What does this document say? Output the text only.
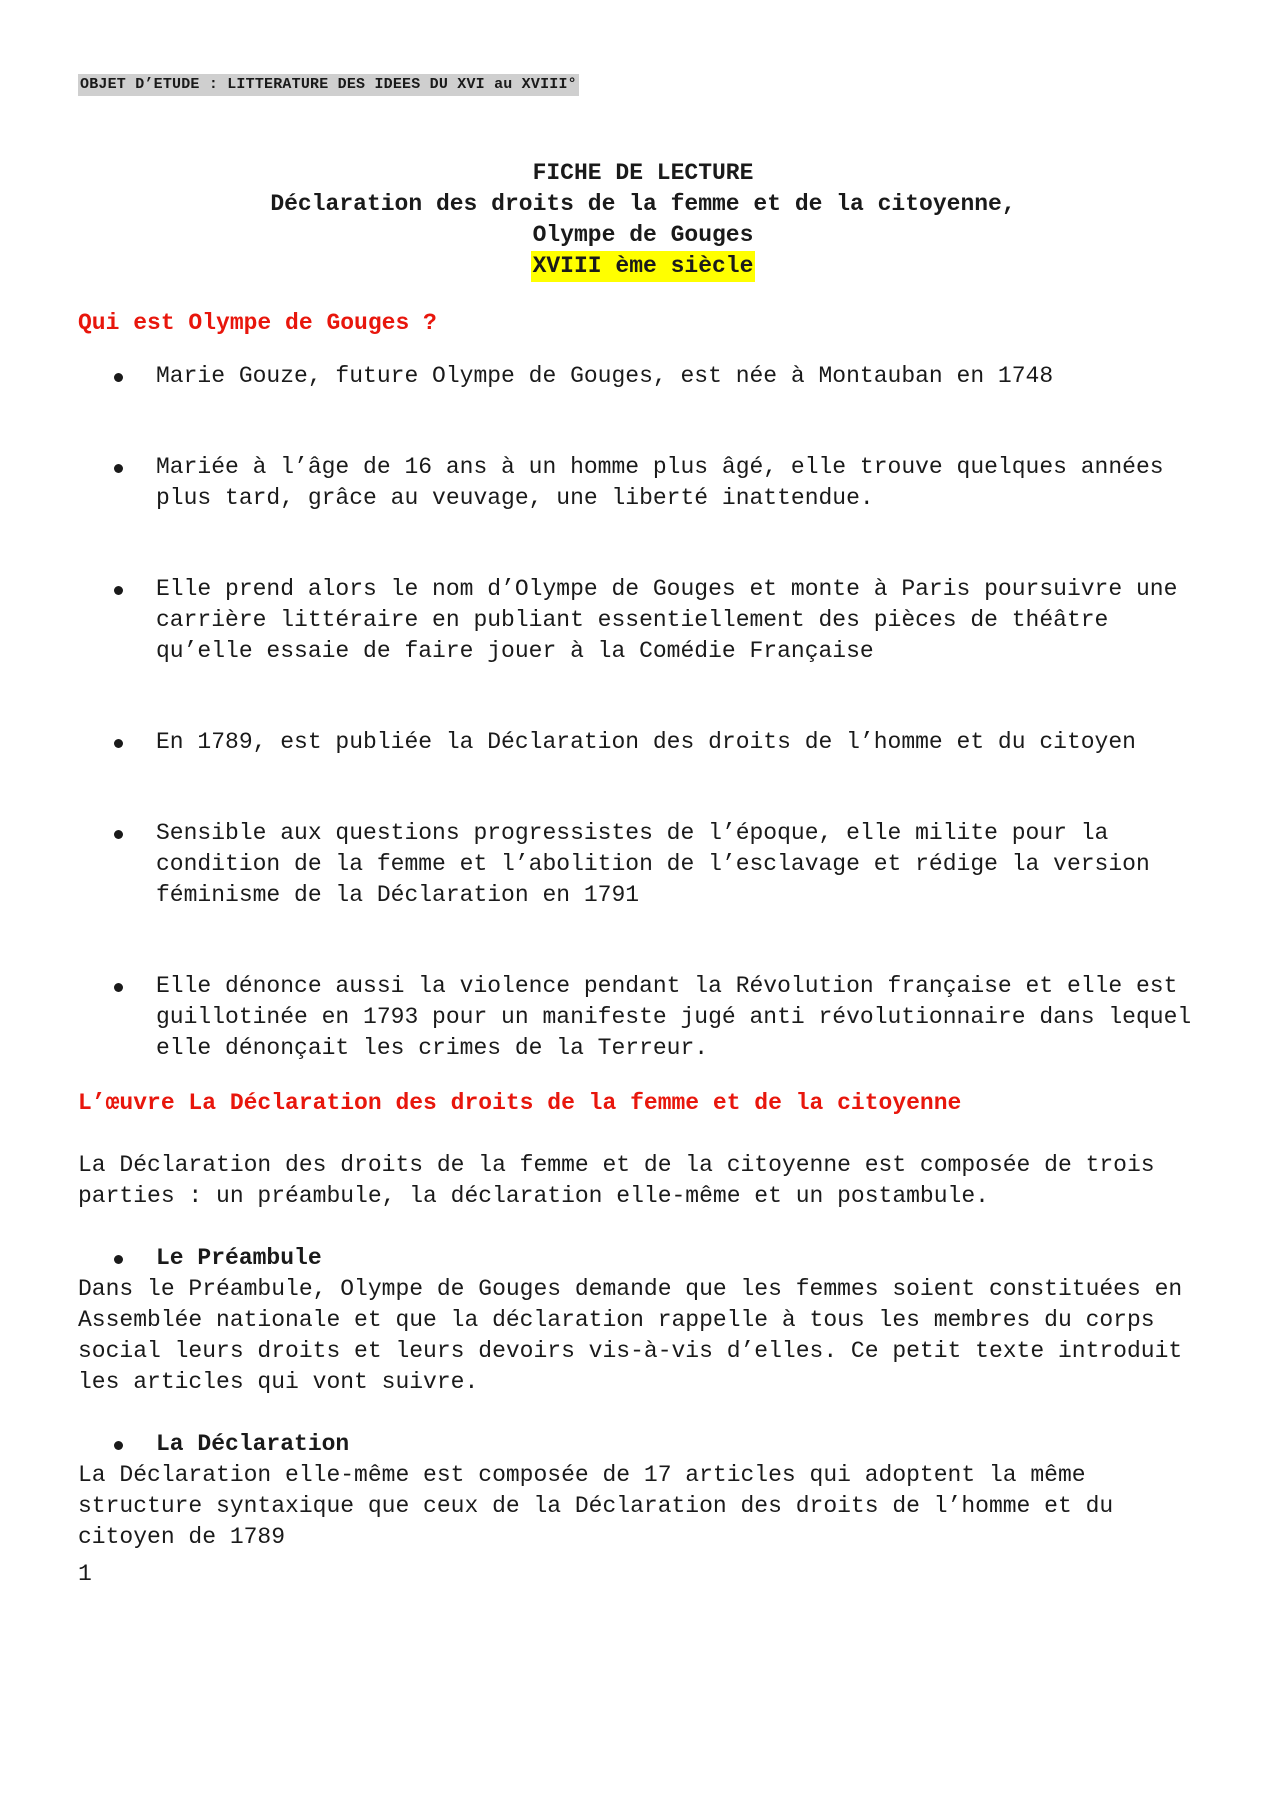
OBJET D’ETUDE : LITTERATURE DES IDEES DU XVI au XVIII°
FICHE DE LECTURE
Déclaration des droits de la femme et de la citoyenne,
Olympe de Gouges
XVIII ème siècle
Qui est Olympe de Gouges ?
Marie Gouze, future Olympe de Gouges, est née à Montauban en 1748
Mariée à l’âge de 16 ans à un homme plus âgé, elle trouve quelques années plus tard, grâce au veuvage, une liberté inattendue.
Elle prend alors le nom d’Olympe de Gouges et monte à Paris poursuivre une carrière littéraire en publiant essentiellement des pièces de théâtre qu’elle essaie de faire jouer à la Comédie Française
En 1789, est publiée la Déclaration des droits de l’homme et du citoyen
Sensible aux questions progressistes de l’époque, elle milite pour la condition de la femme et l’abolition de l’esclavage et rédige la version féminisme de la Déclaration en 1791
Elle dénonce aussi la violence pendant la Révolution française et elle est guillotinée en 1793 pour un manifeste jugé anti révolutionnaire dans lequel elle dénonçait les crimes de la Terreur.
L’œuvre La Déclaration des droits de la femme et de la citoyenne
La Déclaration des droits de la femme et de la citoyenne est composée de trois parties : un préambule, la déclaration elle-même et un postambule.
Le Préambule
Dans le Préambule, Olympe de Gouges demande que les femmes soient constituées en Assemblée nationale et que la déclaration rappelle à tous les membres du corps social leurs droits et leurs devoirs vis-à-vis d’elles. Ce petit texte introduit les articles qui vont suivre.
La Déclaration
La Déclaration elle-même est composée de 17 articles qui adoptent la même structure syntaxique que ceux de la Déclaration des droits de l’homme et du citoyen de 1789
1
